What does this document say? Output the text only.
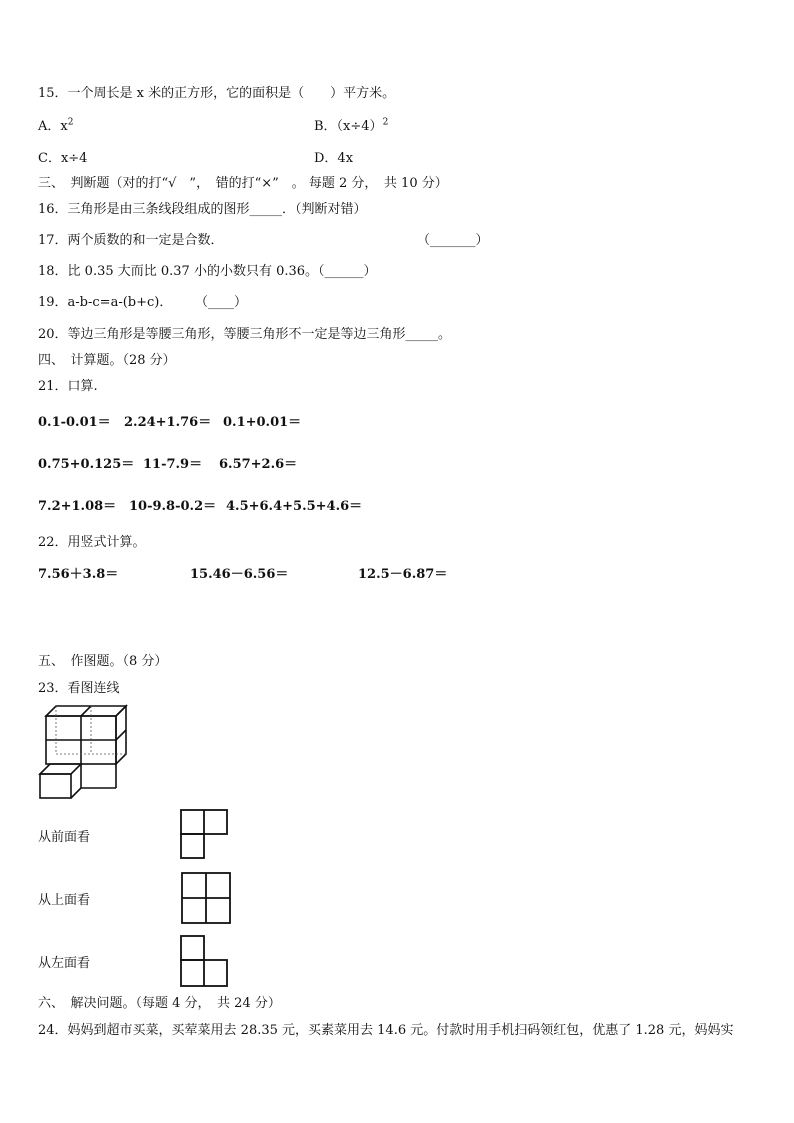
15．一个周长是 x 米的正方形，它的面积是（　　）平方米。
A．$x^2$	B．$(x\div 4)^2$
C．x÷4	D．4x
三、　判断题（对的打“√　”，　错的打“×”　。 每题 2 分，　共 10 分）
16．三角形是由三条线段组成的图形_____．（判断对错）
17．两个质数的和一定是合数．	（_______）
18．比 0.35 大而比 0.37 小的小数只有 0.36。（______）
19．a-b-c=a-(b+c)． （____）
20．等边三角形是等腰三角形，等腰三角形不一定是等边三角形_____。
四、　计算题。（28 分）
21．口算.
0.1-0.01＝ 2.24+1.76＝ 0.1+0.01＝
0.75+0.125＝ 11-7.9＝ 6.57+2.6＝
7.2+1.08＝ 10-9.8-0.2＝ 4.5+6.4+5.5+4.6＝
22．用竖式计算。
7.56＋3.8＝	15.46－6.56＝	12.5－6.87＝
五、　作图题。（8 分）
23．看图连线
从前面看
从上面看
从左面看
六、　解决问题。（每题 4 分，　共 24 分）
24．妈妈到超市买菜，买荤菜用去 28.35 元，买素菜用去 14.6 元。付款时用手机扫码领红包，优惠了 1.28 元，妈妈实
